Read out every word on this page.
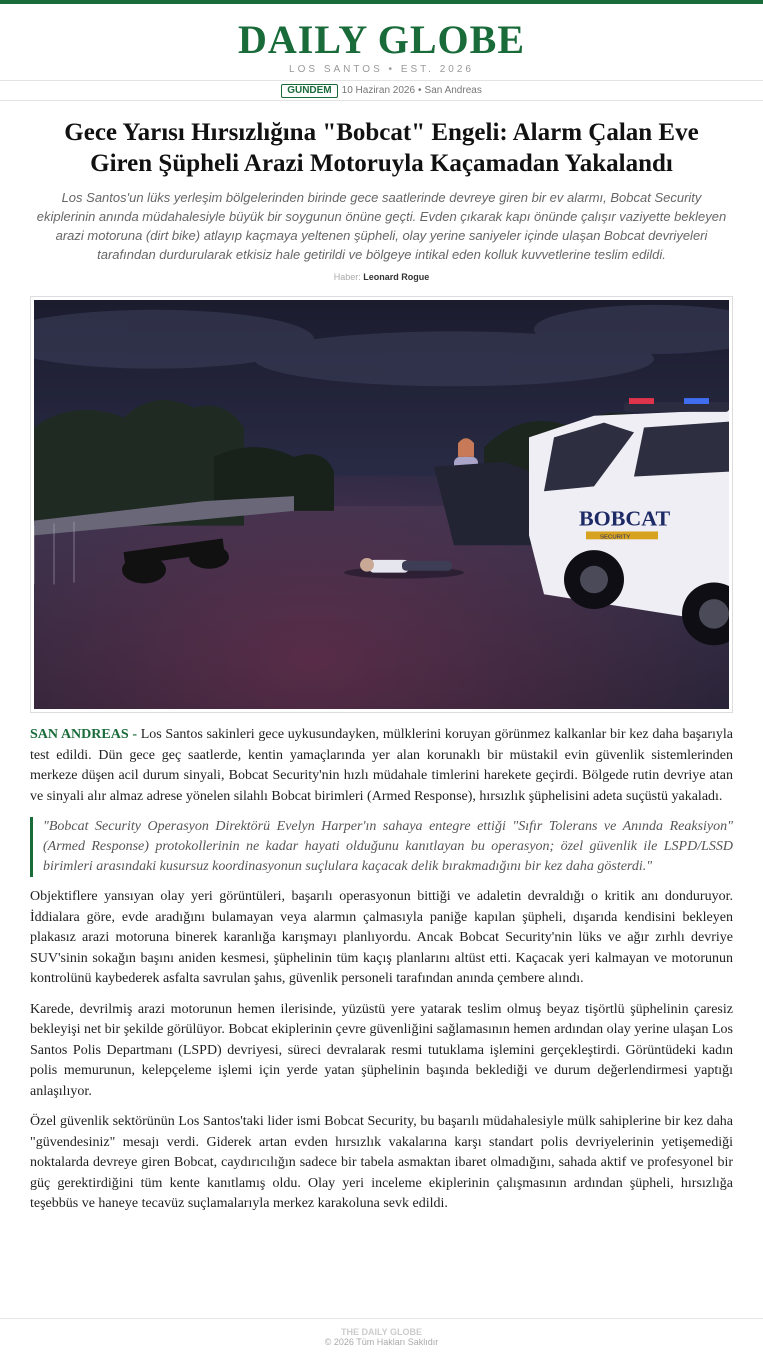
DAILY GLOBE
LOS SANTOS • EST. 2026
GÜNDEM	10 Haziran 2026 • San Andreas
Gece Yarısı Hırsızlığına "Bobcat" Engeli: Alarm Çalan Eve Giren Şüpheli Arazi Motoruyla Kaçamadan Yakalandı

Los Santos'un lüks yerleşim bölgelerinden birinde gece saatlerinde devreye giren bir ev alarmı, Bobcat Security ekiplerinin anında müdahalesiyle büyük bir soygunun önüne geçti. Evden çıkarak kapı önünde çalışır vaziyette bekleyen arazi motoruna (dirt bike) atlayıp kaçmaya yeltenen şüpheli, olay yerine saniyeler içinde ulaşan Bobcat devriyeleri tarafından durdurularak etkisiz hale getirildi ve bölgeye intikal eden kolluk kuvvetlerine teslim edildi.

Haber: Leonard Rogue
BOBCAT
SECURITY

SAN ANDREAS - Los Santos sakinleri gece uykusundayken, mülklerini koruyan görünmez kalkanlar bir kez daha başarıyla test edildi. Dün gece geç saatlerde, kentin yamaçlarında yer alan korunaklı bir müstakil evin güvenlik sistemlerinden merkeze düşen acil durum sinyali, Bobcat Security'nin hızlı müdahale timlerini harekete geçirdi. Bölgede rutin devriye atan ve sinyali alır almaz adrese yönelen silahlı Bobcat birimleri (Armed Response), hırsızlık şüphelisini adeta suçüstü yakaladı.

"Bobcat Security Operasyon Direktörü Evelyn Harper'ın sahaya entegre ettiği "Sıfır Tolerans ve Anında Reaksiyon" (Armed Response) protokollerinin ne kadar hayati olduğunu kanıtlayan bu operasyon; özel güvenlik ile LSPD/LSSD birimleri arasındaki kusursuz koordinasyonun suçlulara kaçacak delik bırakmadığını bir kez daha gösterdi."

Objektiflere yansıyan olay yeri görüntüleri, başarılı operasyonun bittiği ve adaletin devraldığı o kritik anı donduruyor. İddialara göre, evde aradığını bulamayan veya alarmın çalmasıyla paniğe kapılan şüpheli, dışarıda kendisini bekleyen plakasız arazi motoruna binerek karanlığa karışmayı planlıyordu. Ancak Bobcat Security'nin lüks ve ağır zırhlı devriye SUV'sinin sokağın başını aniden kesmesi, şüphelinin tüm kaçış planlarını altüst etti. Kaçacak yeri kalmayan ve motorunun kontrolünü kaybederek asfalta savrulan şahıs, güvenlik personeli tarafından anında çembere alındı.

Karede, devrilmiş arazi motorunun hemen ilerisinde, yüzüstü yere yatarak teslim olmuş beyaz tişörtlü şüphelinin çaresiz bekleyişi net bir şekilde görülüyor. Bobcat ekiplerinin çevre güvenliğini sağlamasının hemen ardından olay yerine ulaşan Los Santos Polis Departmanı (LSPD) devriyesi, süreci devralarak resmi tutuklama işlemini gerçekleştirdi. Görüntüdeki kadın polis memurunun, kelepçeleme işlemi için yerde yatan şüphelinin başında beklediği ve durum değerlendirmesi yaptığı anlaşılıyor.

Özel güvenlik sektörünün Los Santos'taki lider ismi Bobcat Security, bu başarılı müdahalesiyle mülk sahiplerine bir kez daha "güvendesiniz" mesajı verdi. Giderek artan evden hırsızlık vakalarına karşı standart polis devriyelerinin yetişemediği noktalarda devreye giren Bobcat, caydırıcılığın sadece bir tabela asmaktan ibaret olmadığını, sahada aktif ve profesyonel bir güç gerektirdiğini tüm kente kanıtlamış oldu. Olay yeri inceleme ekiplerinin çalışmasının ardından şüpheli, hırsızlığa teşebbüs ve haneye tecavüz suçlamalarıyla merkez karakoluna sevk edildi.

THE DAILY GLOBE
© 2026 Tüm Hakları Saklıdır
